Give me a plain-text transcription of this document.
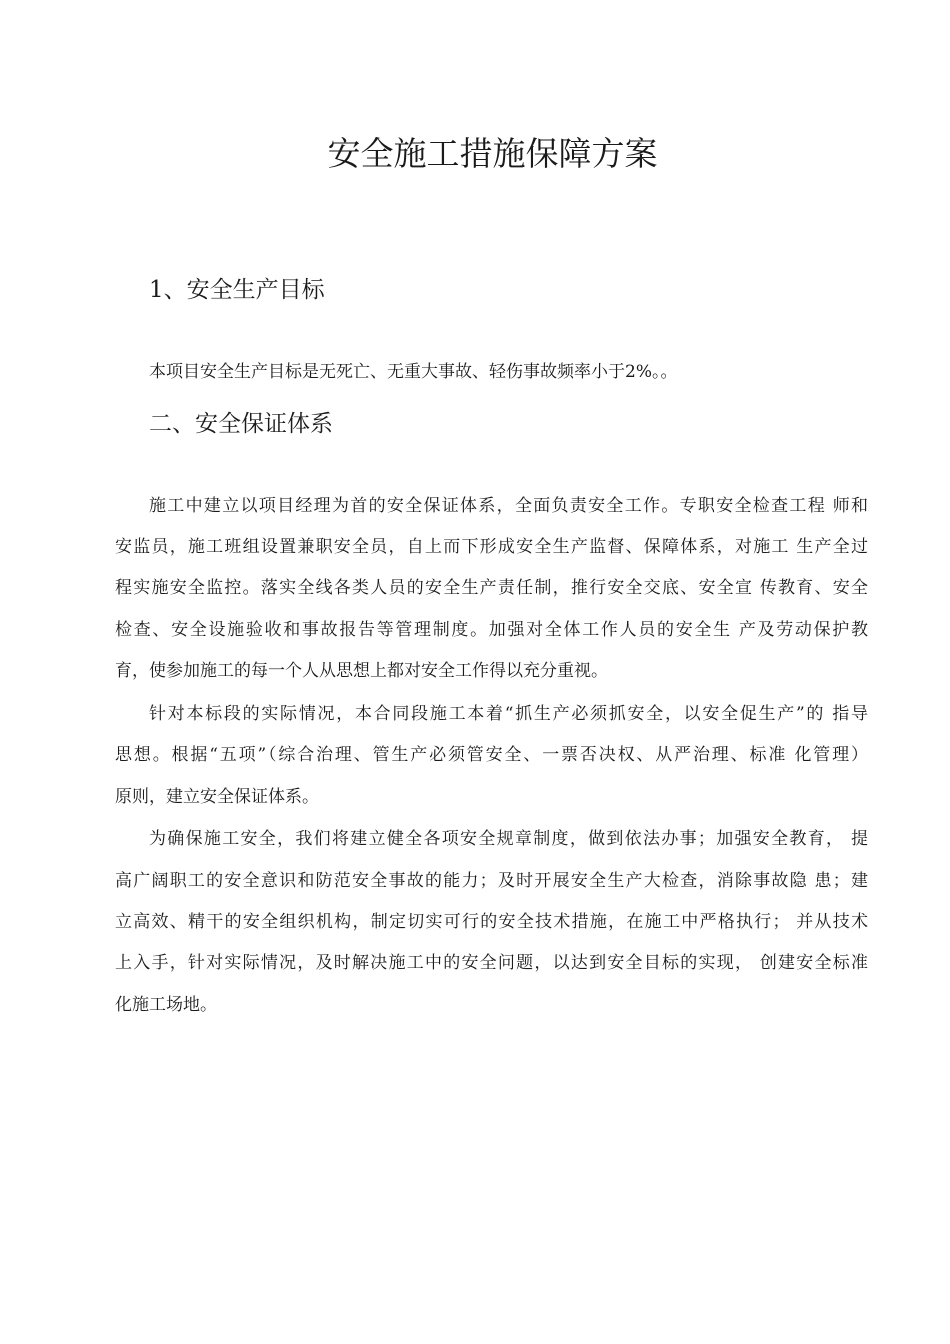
安全施工措施保障方案
1、安全生产目标

本项目安全生产目标是无死亡、无重大事故、轻伤事故频率小于2%。。

二、安全保证体系
施工中建立以项目经理为首的安全保证体系，全面负责安全工作。专职安全检查工程 师和
安监员，施工班组设置兼职安全员，自上而下形成安全生产监督、保障体系，对施工 生产全过
程实施安全监控。落实全线各类人员的安全生产责任制，推行安全交底、安全宣 传教育、安全
检查、安全设施验收和事故报告等管理制度。加强对全体工作人员的安全生 产及劳动保护教
育，使参加施工的每一个人从思想上都对安全工作得以充分重视。
针对本标段的实际情况，本合同段施工本着“抓生产必须抓安全，以安全促生产”的 指导
思想。根据“五项”（综合治理、管生产必须管安全、一票否决权、从严治理、标准 化管理）
原则，建立安全保证体系。
为确保施工安全，我们将建立健全各项安全规章制度，做到依法办事；加强安全教育， 提
高广阔职工的安全意识和防范安全事故的能力；及时开展安全生产大检查，消除事故隐 患；建
立高效、精干的安全组织机构，制定切实可行的安全技术措施，在施工中严格执行； 并从技术
上入手，针对实际情况，及时解决施工中的安全问题，以达到安全目标的实现， 创建安全标准
化施工场地。
